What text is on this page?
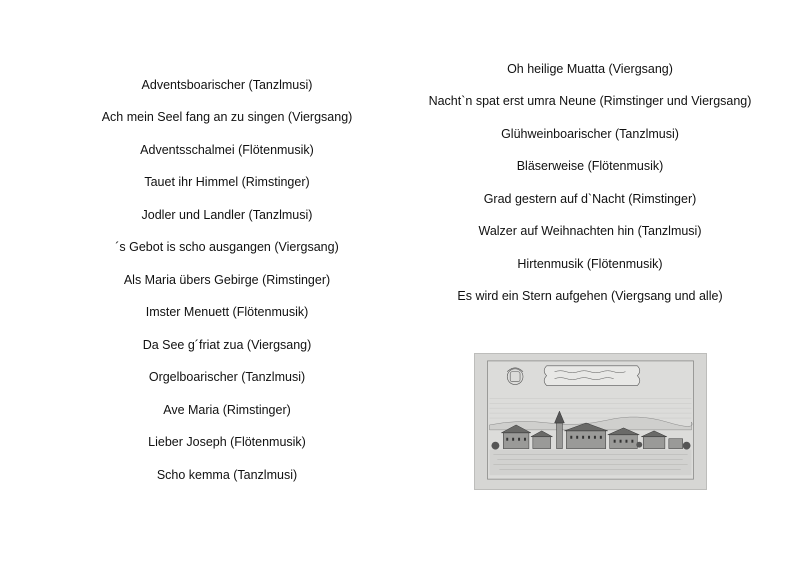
Adventsboarischer (Tanzlmusi)
Ach mein Seel fang an zu singen (Viergsang)
Adventsschalmei (Flötenmusik)
Tauet ihr Himmel (Rimstinger)
Jodler und Landler (Tanzlmusi)
´s Gebot is scho ausgangen (Viergsang)
Als Maria übers Gebirge (Rimstinger)
Imster Menuett (Flötenmusik)
Da See g´friat zua (Viergsang)
Orgelboarischer (Tanzlmusi)
Ave Maria (Rimstinger)
Lieber Joseph (Flötenmusik)
Scho kemma (Tanzlmusi)
Oh heilige Muatta (Viergsang)
Nacht`n spat erst umra Neune (Rimstinger und Viergsang)
Glühweinboarischer (Tanzlmusi)
Bläserweise (Flötenmusik)
Grad gestern auf d`Nacht (Rimstinger)
Walzer auf Weihnachten hin (Tanzlmusi)
Hirtenmusik (Flötenmusik)
Es wird ein Stern aufgehen (Viergsang und alle)
